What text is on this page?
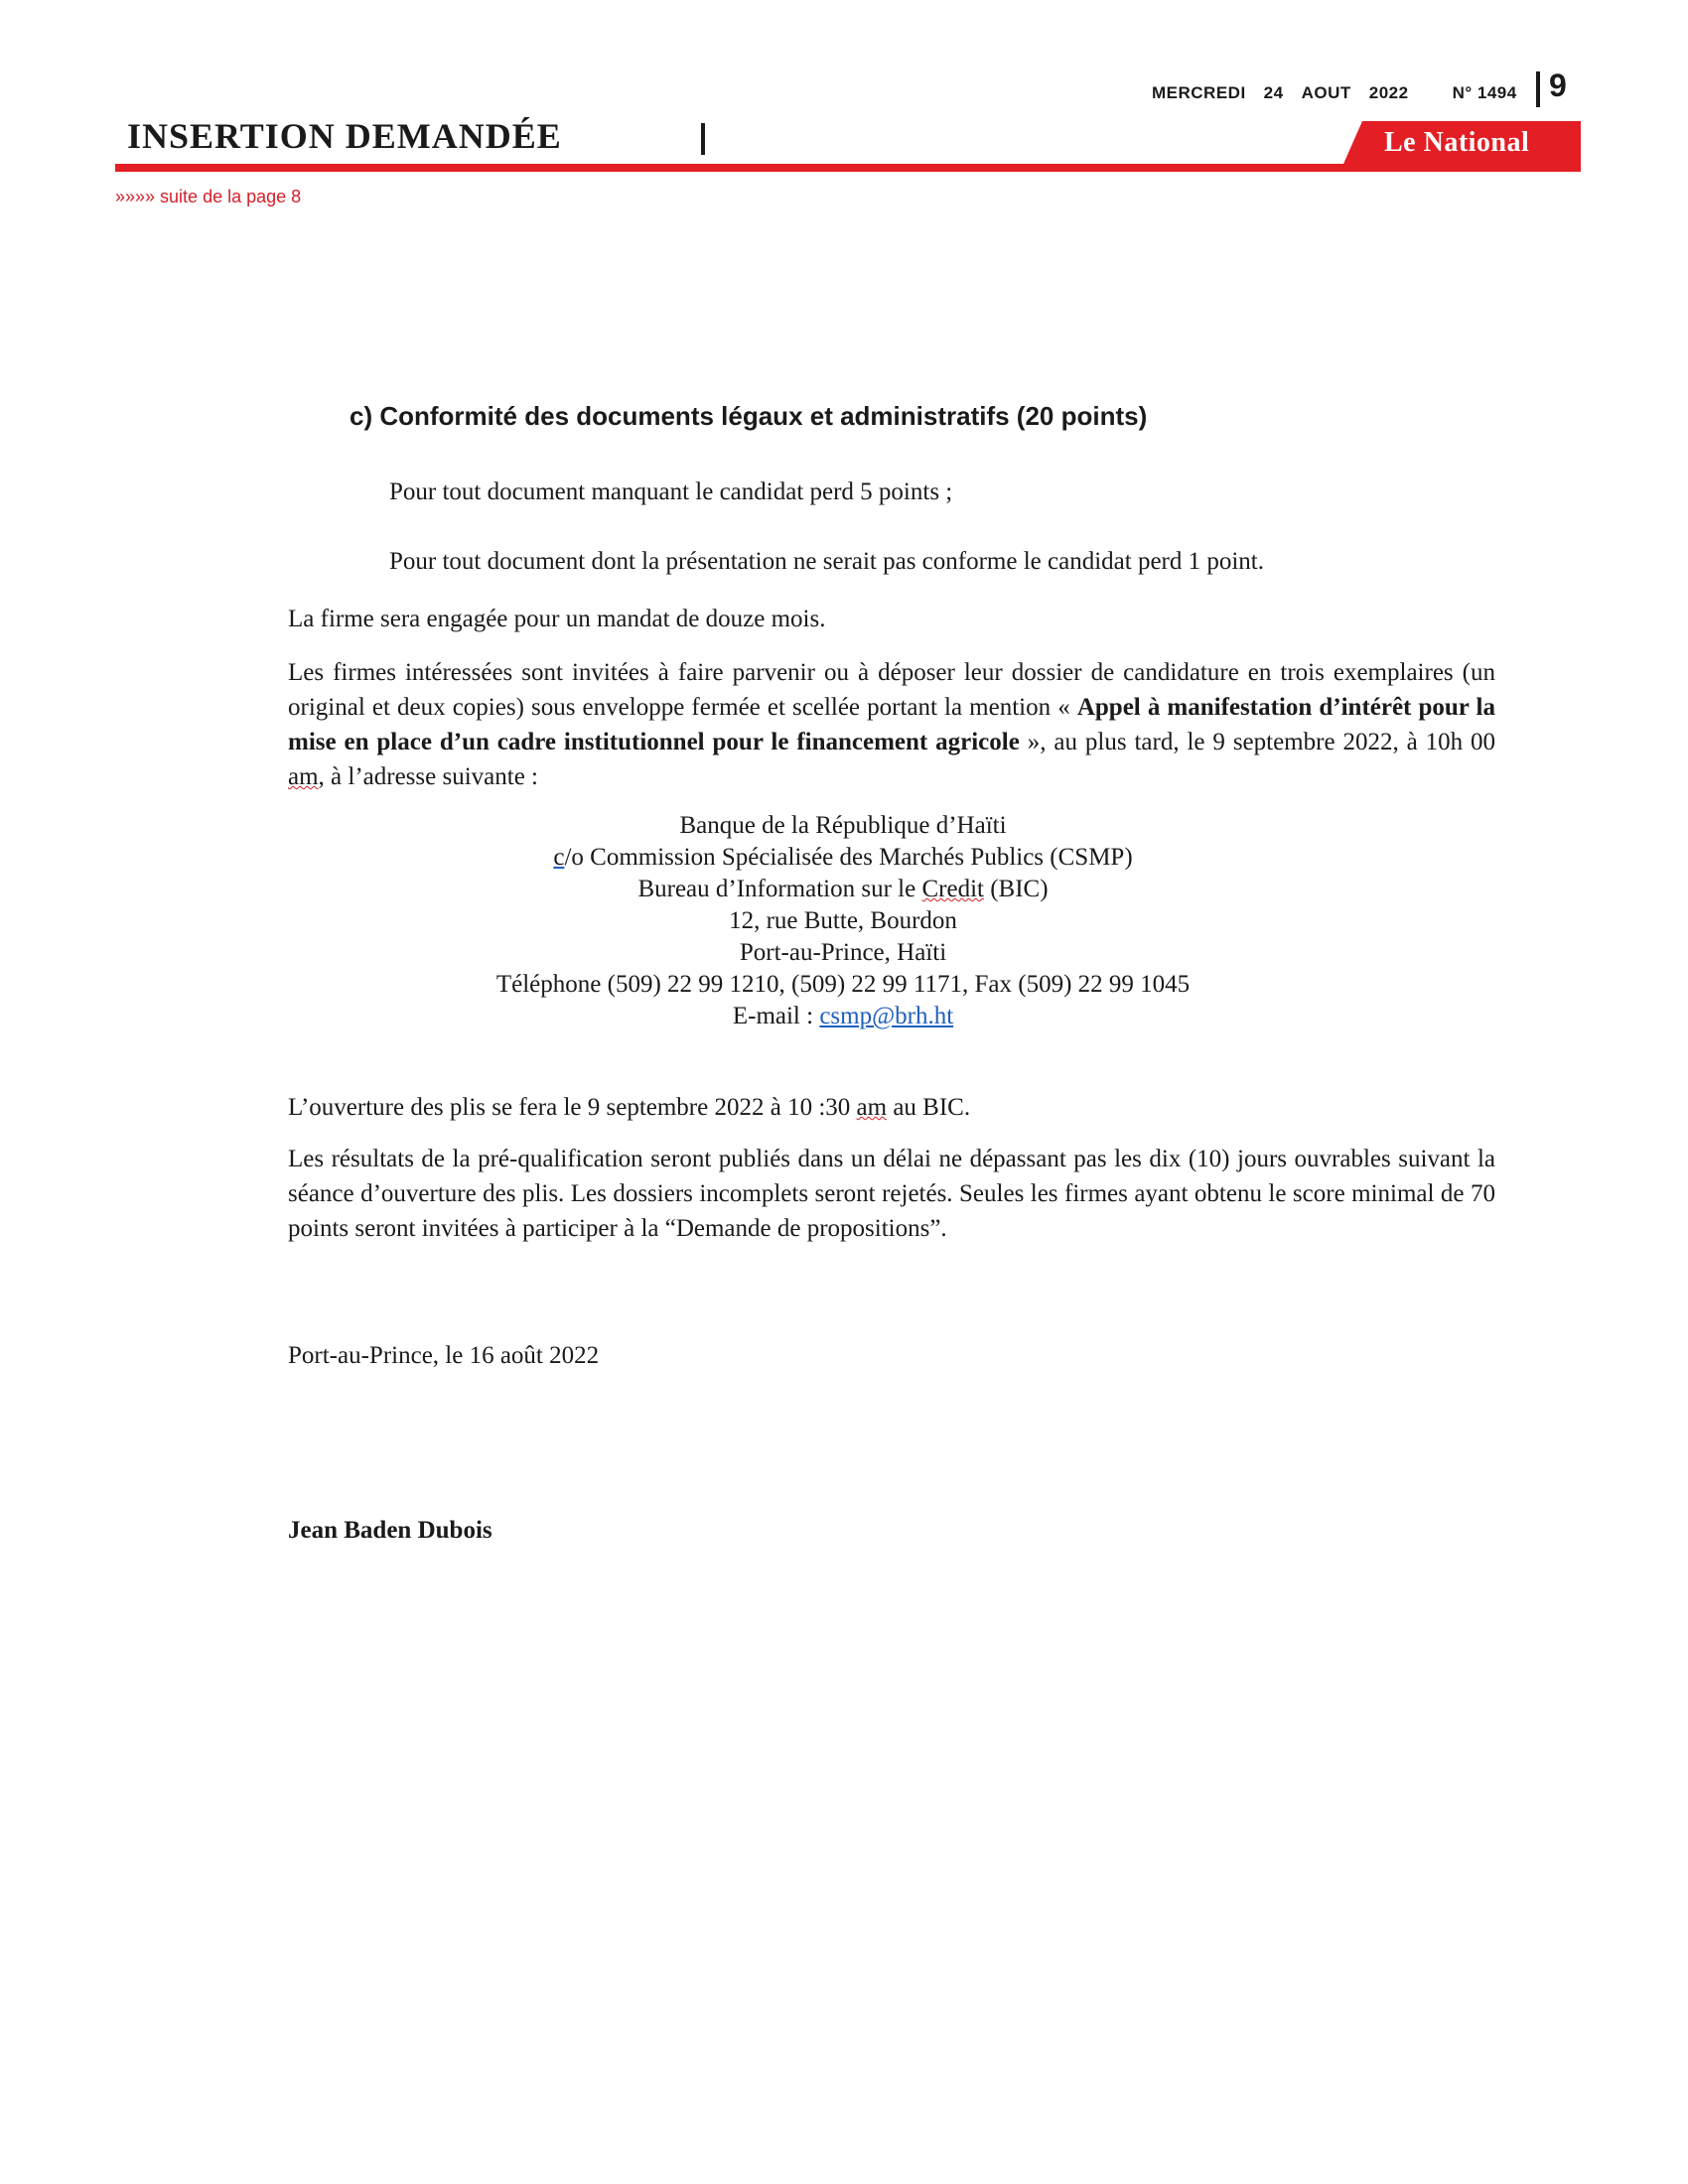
MERCREDI 24 AOUT 2022	N° 1494 9
INSERTION DEMANDÉE	Le National
»»»» suite de la page 8
c) Conformité des documents légaux et administratifs (20 points)
Pour tout document manquant le candidat perd 5 points ;
Pour tout document dont la présentation ne serait pas conforme le candidat perd 1 point.

La firme sera engagée pour un mandat de douze mois.

Les firmes intéressées sont invitées à faire parvenir ou à déposer leur dossier de candidature en trois exemplaires (un original et deux copies) sous enveloppe fermée et scellée portant la mention « Appel à manifestation d’intérêt pour la mise en place d’un cadre institutionnel pour le financement agricole », au plus tard, le 9 septembre 2022, à 10h 00 am, à l’adresse suivante :

Banque de la République d’Haïti
c/o Commission Spécialisée des Marchés Publics (CSMP)
Bureau d’Information sur le Credit (BIC)
12, rue Butte, Bourdon
Port-au-Prince, Haïti
Téléphone (509) 22 99 1210, (509) 22 99 1171, Fax (509) 22 99 1045
E-mail : csmp@brh.ht

L’ouverture des plis se fera le 9 septembre 2022 à 10 :30 am au BIC.

Les résultats de la pré-qualification seront publiés dans un délai ne dépassant pas les dix (10) jours ouvrables suivant la séance d’ouverture des plis. Les dossiers incomplets seront rejetés. Seules les firmes ayant obtenu le score minimal de 70 points seront invitées à participer à la “Demande de propositions”.

Port-au-Prince, le 16 août 2022
Jean Baden Dubois
